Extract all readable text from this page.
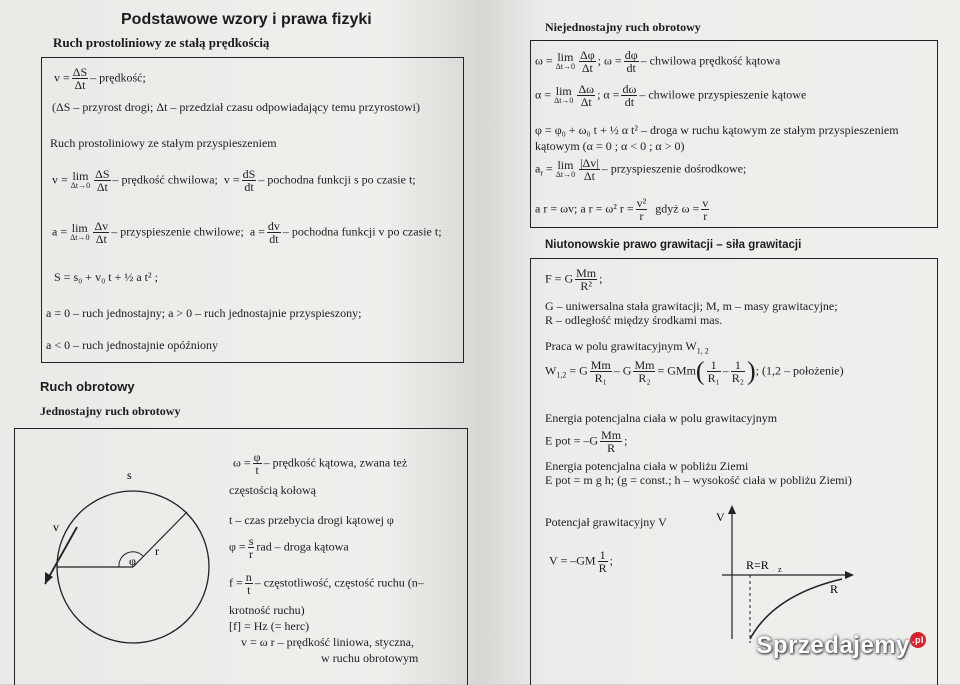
Podstawowe wzory i prawa fizyki
Ruch prostoliniowy ze stałą prędkością
$v = \frac{\Delta S}{\Delta t}$ – prędkość;
(ΔS – przyrost drogi; Δt – przedział czasu odpowiadający temu przyrostowi)
Ruch prostoliniowy ze stałym przyspieszeniem
v = lim
$\Delta t\to 0 \frac{\Delta S}{\Delta t}$ – prędkość chwilowa; $v = \frac{dS}{dt}$ – pochodna funkcji s po czasie t;
a = lim
$\Delta t\to 0 \frac{\Delta v}{\Delta t}$ – przyspieszenie chwilowe; $a = \frac{dv}{dt}$ – pochodna funkcji v po czasie t;
S = s₀ + v₀ t + ½ a t² ;
a = 0 – ruch jednostajny; a > 0 – ruch jednostajnie przyspieszony;
a < 0 – ruch jednostajnie opóźniony
Ruch obrotowy
Jednostajny ruch obrotowy
s
φ
r
v
$\omega = \frac{\varphi}{t}$ – prędkość kątowa, zwana też
częstością kołową
t – czas przebycia drogi kątowej φ
$\varphi = \frac{s}{r}$ rad – droga kątowa
$f = \frac{n}{t}$ – częstotliwość, częstość ruchu (n–
krotność ruchu)
[f] = Hz (= herc)
v = ω r – prędkość liniowa, styczna,
w ruchu obrotowym
Niejednostajny ruch obrotowy
ω = lim
$\Delta t\to 0 \frac{\Delta\varphi}{\Delta t}$ ; $\omega = \frac{d\varphi}{dt}$ – chwilowa prędkość kątowa
α = lim
$\Delta t\to 0 \frac{\Delta\omega}{\Delta t}$ ; $\alpha = \frac{d\omega}{dt}$ – chwilowe przyspieszenie kątowe
φ = φ₀ + ω₀ t + ½ α t² – droga w ruchu kątowym ze stałym przyspieszeniem
kątowym (α = 0 ; α < 0 ; α > 0)
$a_r = \lim$
$\Delta t\to 0 \frac{|\Delta v|}{\Delta t}$ – przyspieszenie dośrodkowe;
a r = ωv; a r = ω² $r = \frac{\text{v²}}{r}$ gdyż $\omega = \frac{v}{r}$
Niutonowskie prawo grawitacji – siła grawitacji
F = G $\frac{Mm}{\text{R²}}$ ;
G – uniwersalna stała grawitacji; M, m – masy grawitacyjne;
R – odległość między środkami mas.
Praca w polu grawitacyjnym $W_{1, 2}$
$W_{1,2} = G \frac{Mm}{\text{R₁}} - G \frac{Mm}{\text{R₂}} = GMm( \frac{1}{\text{R₁}} - \frac{1}{\text{R₂}}$ ); (1,2 – położenie)
Energia potencjalna ciała w polu grawitacyjnym
E pot = $-G \frac{Mm}{R}$ ;
Energia potencjalna ciała w pobliżu Ziemi
E pot = m g h; (g = const.; h – wysokość ciała w pobliżu Ziemi)
Potencjał grawitacyjny V
$V = -GM \frac{1}{R}$ ;
V
R
R=R z
Sprzedajemy .pl
